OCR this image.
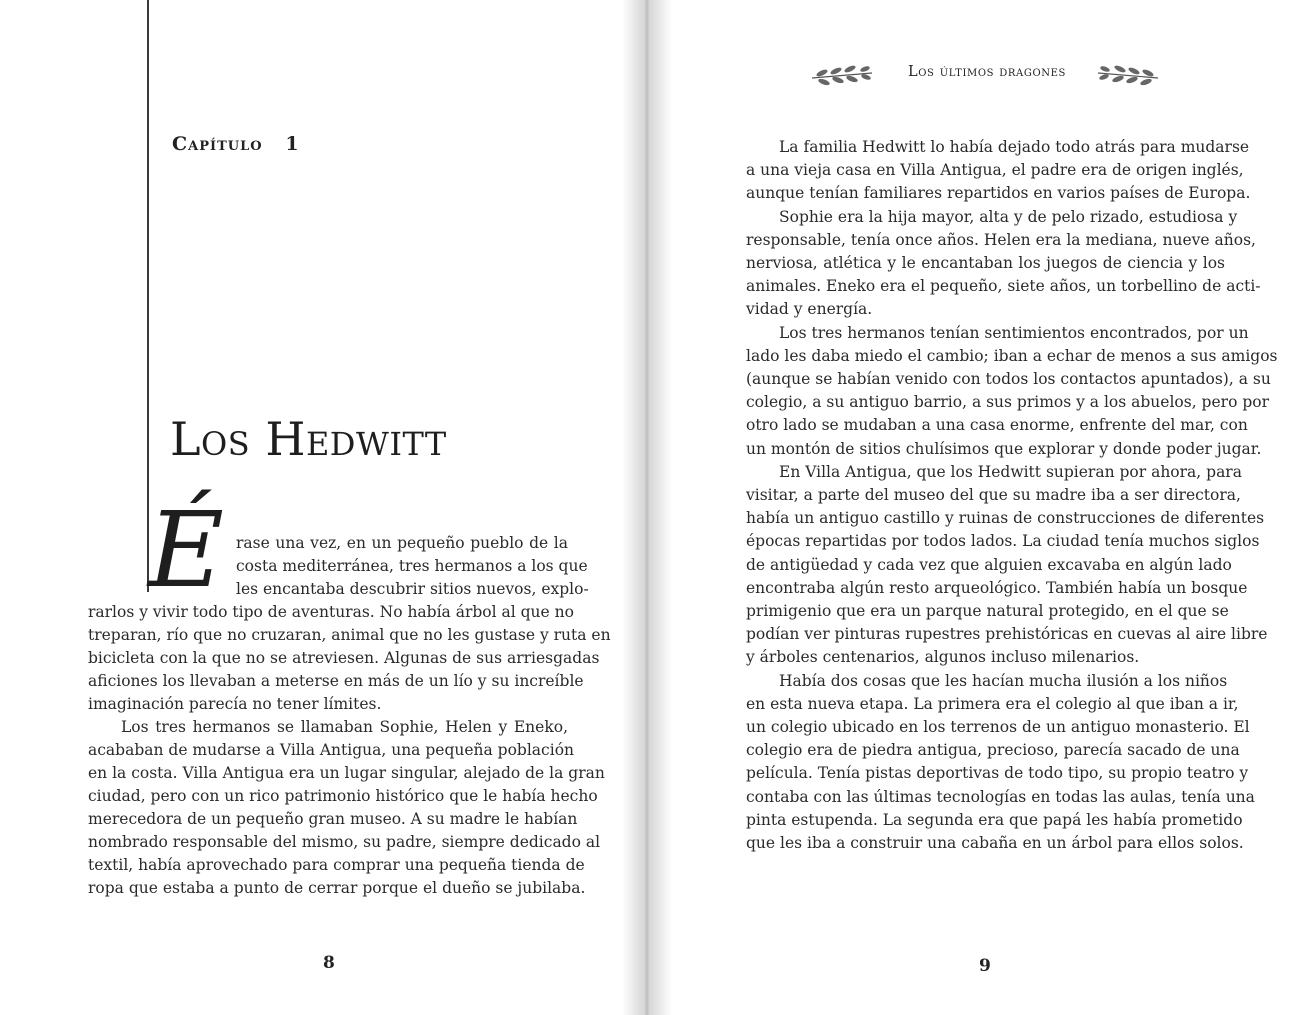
Capítulo   1
Los Hedwitt
É rase una vez, en un pequeño pueblo de la
costa mediterránea, tres hermanos a los que
les encantaba descubrir sitios nuevos, explo-
rarlos y vivir todo tipo de aventuras. No había árbol al que no
treparan, río que no cruzaran, animal que no les gustase y ruta en
bicicleta con la que no se atreviesen. Algunas de sus arriesgadas
aficiones los llevaban a meterse en más de un lío y su increíble
imaginación parecía no tener límites.
Los tres hermanos se llamaban Sophie, Helen y Eneko,
acababan de mudarse a Villa Antigua, una pequeña población
en la costa. Villa Antigua era un lugar singular, alejado de la gran
ciudad, pero con un rico patrimonio histórico que le había hecho
merecedora de un pequeño gran museo. A su madre le habían
nombrado responsable del mismo, su padre, siempre dedicado al
textil, había aprovechado para comprar una pequeña tienda de
ropa que estaba a punto de cerrar porque el dueño se jubilaba.
8
Los últimos dragones
La familia Hedwitt lo había dejado todo atrás para mudarse
a una vieja casa en Villa Antigua, el padre era de origen inglés,
aunque tenían familiares repartidos en varios países de Europa.
Sophie era la hija mayor, alta y de pelo rizado, estudiosa y
responsable, tenía once años. Helen era la mediana, nueve años,
nerviosa, atlética y le encantaban los juegos de ciencia y los
animales. Eneko era el pequeño, siete años, un torbellino de acti-
vidad y energía.
Los tres hermanos tenían sentimientos encontrados, por un
lado les daba miedo el cambio; iban a echar de menos a sus amigos
(aunque se habían venido con todos los contactos apuntados), a su
colegio, a su antiguo barrio, a sus primos y a los abuelos, pero por
otro lado se mudaban a una casa enorme, enfrente del mar, con
un montón de sitios chulísimos que explorar y donde poder jugar.
En Villa Antigua, que los Hedwitt supieran por ahora, para
visitar, a parte del museo del que su madre iba a ser directora,
había un antiguo castillo y ruinas de construcciones de diferentes
épocas repartidas por todos lados. La ciudad tenía muchos siglos
de antigüedad y cada vez que alguien excavaba en algún lado
encontraba algún resto arqueológico. También había un bosque
primigenio que era un parque natural protegido, en el que se
podían ver pinturas rupestres prehistóricas en cuevas al aire libre
y árboles centenarios, algunos incluso milenarios.
Había dos cosas que les hacían mucha ilusión a los niños
en esta nueva etapa. La primera era el colegio al que iban a ir,
un colegio ubicado en los terrenos de un antiguo monasterio. El
colegio era de piedra antigua, precioso, parecía sacado de una
película. Tenía pistas deportivas de todo tipo, su propio teatro y
contaba con las últimas tecnologías en todas las aulas, tenía una
pinta estupenda. La segunda era que papá les había prometido
que les iba a construir una cabaña en un árbol para ellos solos.
9
